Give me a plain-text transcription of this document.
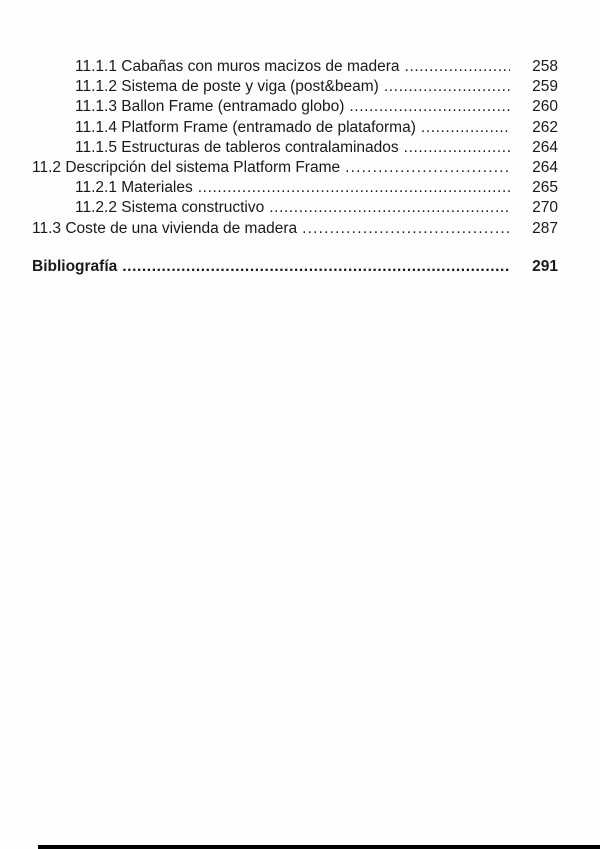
11.1.1 Cabañas con muros macizos de madera .....	258
11.1.2 Sistema de poste y viga (post&beam) .....	259
11.1.3 Ballon Frame (entramado globo) .....	260
11.1.4 Platform Frame (entramado de plataforma) .....	262
11.1.5 Estructuras de tableros contralaminados .....	264
11.2 Descripción del sistema Platform Frame .....	264
11.2.1 Materiales .....	265
11.2.2 Sistema constructivo .....	270
11.3 Coste de una vivienda de madera .....	287
Bibliografía .....	291
